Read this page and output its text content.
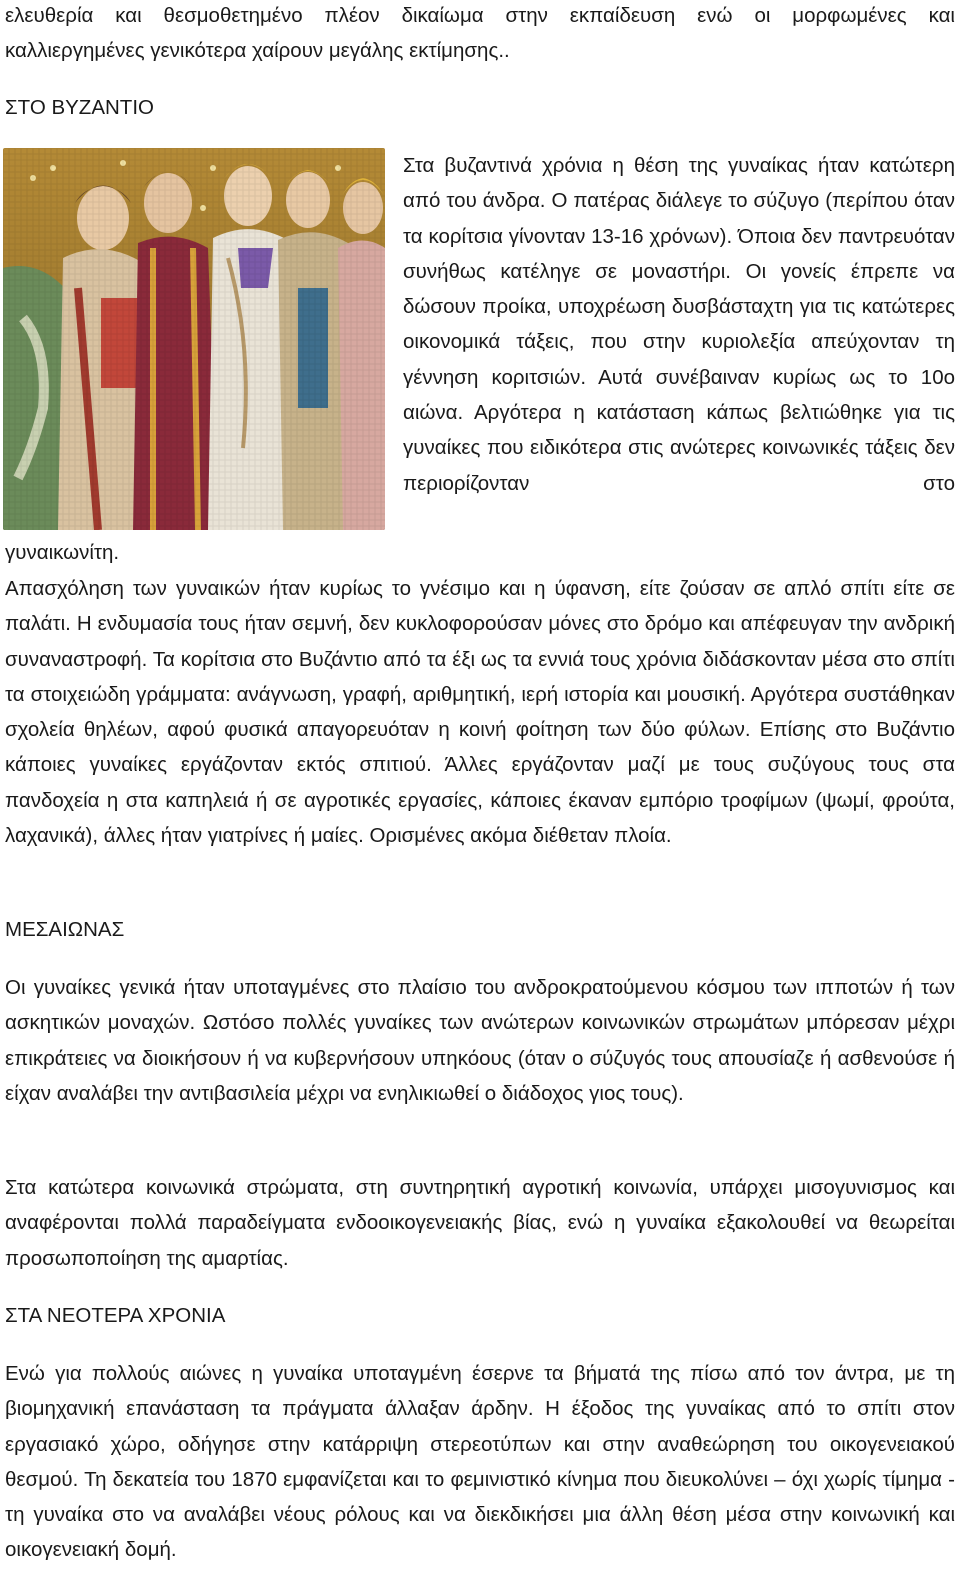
ελευθερία και θεσμοθετημένο πλέον δικαίωμα στην εκπαίδευση ενώ οι μορφωμένες και

καλλιεργημένες γενικότερα χαίρουν μεγάλης εκτίμησης..

ΣΤΟ ΒΥΖΑΝΤΙΟ

Στα βυζαντινά χρόνια η θέση της γυναίκας ήταν κατώτερη από του άνδρα. Ο πατέρας διάλεγε το σύζυγο (περίπου όταν τα κορίτσια γίνονταν 13-16 χρόνων). Όποια δεν παντρευόταν συνήθως κατέληγε σε μοναστήρι. Οι γονείς έπρεπε να δώσουν προίκα, υποχρέωση δυσβάσταχτη για τις κατώτερες οικονομικά τάξεις, που στην κυριολεξία απεύχονταν τη γέννηση κοριτσιών. Αυτά συνέβαιναν κυρίως ως το 10ο αιώνα. Αργότερα η κατάσταση κάπως βελτιώθηκε για τις γυναίκες που ειδικότερα στις ανώτερες κοινωνικές τάξεις δεν περιορίζονταν στο

γυναικωνίτη.

Απασχόληση των γυναικών ήταν κυρίως το γνέσιμο και η ύφανση, είτε ζούσαν σε απλό σπίτι είτε σε παλάτι. Η ενδυμασία τους ήταν σεμνή, δεν κυκλοφορούσαν μόνες στο δρόμο και απέφευγαν την ανδρική συναναστροφή. Τα κορίτσια στο Βυζάντιο από τα έξι ως τα εννιά τους χρόνια διδάσκονταν μέσα στο σπίτι τα στοιχειώδη γράμματα: ανάγνωση, γραφή, αριθμητική, ιερή ιστορία και μουσική. Αργότερα συστάθηκαν σχολεία θηλέων, αφού φυσικά απαγορευόταν η κοινή φοίτηση των δύο φύλων. Επίσης στο Βυζάντιο κάποιες γυναίκες εργάζονταν εκτός σπιτιού. Άλλες εργάζονταν μαζί με τους συζύγους τους στα πανδοχεία η στα καπηλειά ή σε αγροτικές εργασίες, κάποιες έκαναν εμπόριο τροφίμων (ψωμί, φρούτα, λαχανικά), άλλες ήταν γιατρίνες ή μαίες. Ορισμένες ακόμα διέθεταν πλοία.

ΜΕΣΑΙΩΝΑΣ

Οι γυναίκες γενικά ήταν υποταγμένες στο πλαίσιο του ανδροκρατούμενου κόσμου των ιπποτών ή των ασκητικών μοναχών. Ωστόσο πολλές γυναίκες των ανώτερων κοινωνικών στρωμάτων μπόρεσαν μέχρι επικράτειες να διοικήσουν ή να κυβερνήσουν υπηκόους (όταν ο σύζυγός τους απουσίαζε ή ασθενούσε ή είχαν αναλάβει την αντιβασιλεία μέχρι να ενηλικιωθεί ο διάδοχος γιος τους).

Στα κατώτερα κοινωνικά στρώματα, στη συντηρητική αγροτική κοινωνία, υπάρχει μισογυνισμος και αναφέρονται πολλά παραδείγματα ενδοοικογενειακής βίας, ενώ η γυναίκα εξακολουθεί να θεωρείται προσωποποίηση της αμαρτίας.

ΣΤΑ ΝΕΟΤΕΡΑ ΧΡΟΝΙΑ

Ενώ για πολλούς αιώνες η γυναίκα υποταγμένη έσερνε τα βήματά της πίσω από τον άντρα, με τη βιομηχανική επανάσταση τα πράγματα άλλαξαν άρδην. Η έξοδος της γυναίκας από το σπίτι στον εργασιακό χώρο, οδήγησε στην κατάρριψη στερεοτύπων και στην αναθεώρηση του οικογενειακού θεσμού. Τη δεκατεία του 1870 εμφανίζεται και το φεμινιστικό κίνημα που διευκολύνει – όχι χωρίς τίμημα - τη γυναίκα στο να αναλάβει νέους ρόλους και να διεκδικήσει μια άλλη θέση μέσα στην κοινωνική και οικογενειακή δομή.
